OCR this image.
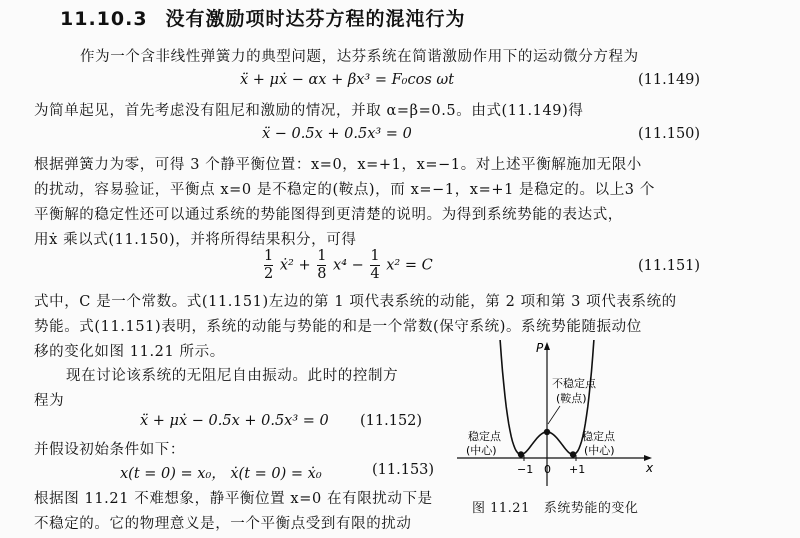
11.10.3 没有激励项时达芬方程的混沌行为
作为一个含非线性弹簧力的典型问题，达芬系统在简谐激励作用下的运动微分方程为
ẍ + μẋ − αx + βx³ = F₀cos ωt	(11.149)
为简单起见，首先考虑没有阻尼和激励的情况，并取 α=β=0.5。由式(11.149)得
ẍ − 0.5x + 0.5x³ = 0	(11.150)
根据弹簧力为零，可得 3 个静平衡位置：x=0，x=+1，x=−1。对上述平衡解施加无限小
的扰动，容易验证，平衡点 x=0 是不稳定的(鞍点)，而 x=−1，x=+1 是稳定的。以上3 个
平衡解的稳定性还可以通过系统的势能图得到更清楚的说明。为得到系统势能的表达式，
用ẋ 乘以式(11.150)，并将所得结果积分，可得
$\frac{1}{2}$ ẋ² + $\frac{1}{8} x^4 - \frac{1}{4} x^2 = C$	(11.151)
式中，C 是一个常数。式(11.151)左边的第 1 项代表系统的动能，第 2 项和第 3 项代表系统的
势能。式(11.151)表明，系统的动能与势能的和是一个常数(保守系统)。系统势能随振动位
移的变化如图 11.21 所示。
现在讨论该系统的无阻尼自由振动。此时的控制方
程为
ẍ + μẋ − 0.5x + 0.5x³ = 0 (11.152)
并假设初始条件如下：
x(t = 0) = x₀， ẋ(t = 0) = ẋ₀	(11.153)
根据图 11.21 不难想象，静平衡位置 x=0 在有限扰动下是
不稳定的。它的物理意义是，一个平衡点受到有限的扰动
P
x
−1 0 +1
不稳定点
(鞍点)
稳定点
(中心)
稳定点
(中心)
图 11.21 系统势能的变化
